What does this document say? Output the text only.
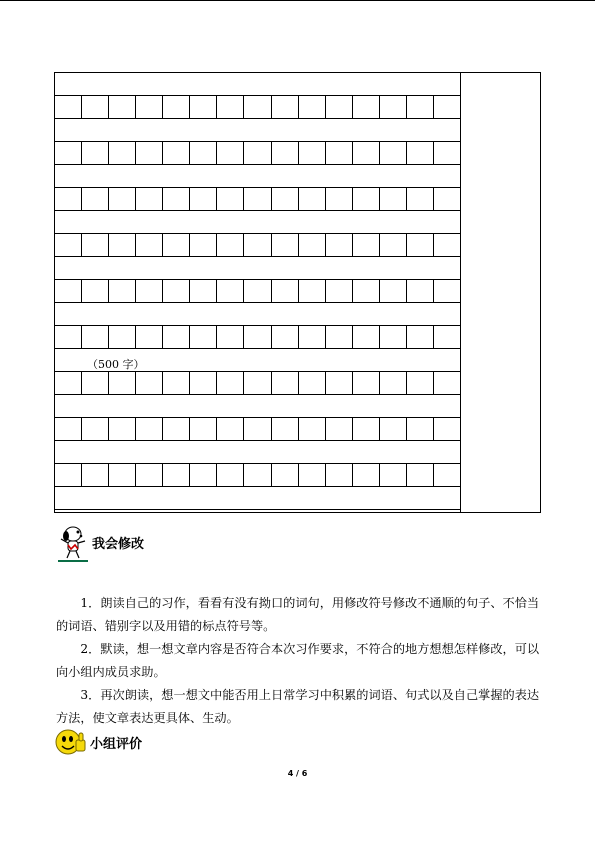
（500 字）
我会修改
1．朗读自己的习作，看看有没有拗口的词句，用修改符号修改不通顺的句子、不恰当的词语、错别字以及用错的标点符号等。
2．默读，想一想文章内容是否符合本次习作要求，不符合的地方想想怎样修改，可以向小组内成员求助。
3．再次朗读，想一想文中能否用上日常学习中积累的词语、句式以及自己掌握的表达方法，使文章表达更具体、生动。
小组评价
4 / 6
